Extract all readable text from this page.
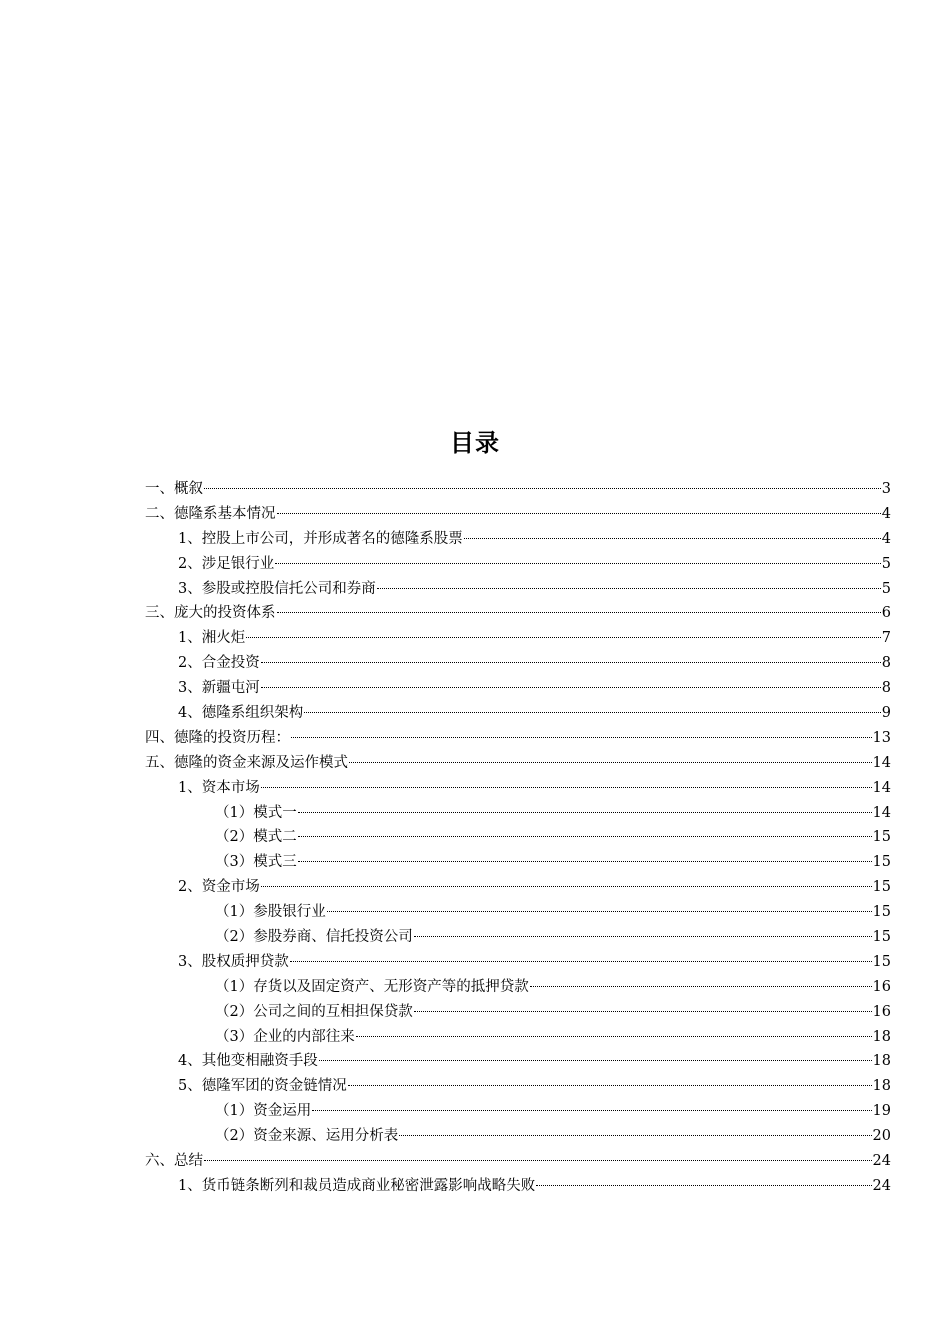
目录
一、概叙	3
二、德隆系基本情况	4
1、控股上市公司，并形成著名的德隆系股票	4
2、涉足银行业	5
3、参股或控股信托公司和券商	5
三、庞大的投资体系	6
1、湘火炬	7
2、合金投资	8
3、新疆屯河	8
4、德隆系组织架构	9
四、德隆的投资历程：	13
五、德隆的资金来源及运作模式	14
1、资本市场	14
（1）模式一	14
（2）模式二	15
（3）模式三	15
2、资金市场	15
（1）参股银行业	15
（2）参股券商、信托投资公司	15
3、股权质押贷款	15
（1）存货以及固定资产、无形资产等的抵押贷款	16
（2）公司之间的互相担保贷款	16
（3）企业的内部往来	18
4、其他变相融资手段	18
5、德隆军团的资金链情况	18
（1）资金运用	19
（2）资金来源、运用分析表	20
六、总结	24
1、货币链条断列和裁员造成商业秘密泄露影响战略失败	24
